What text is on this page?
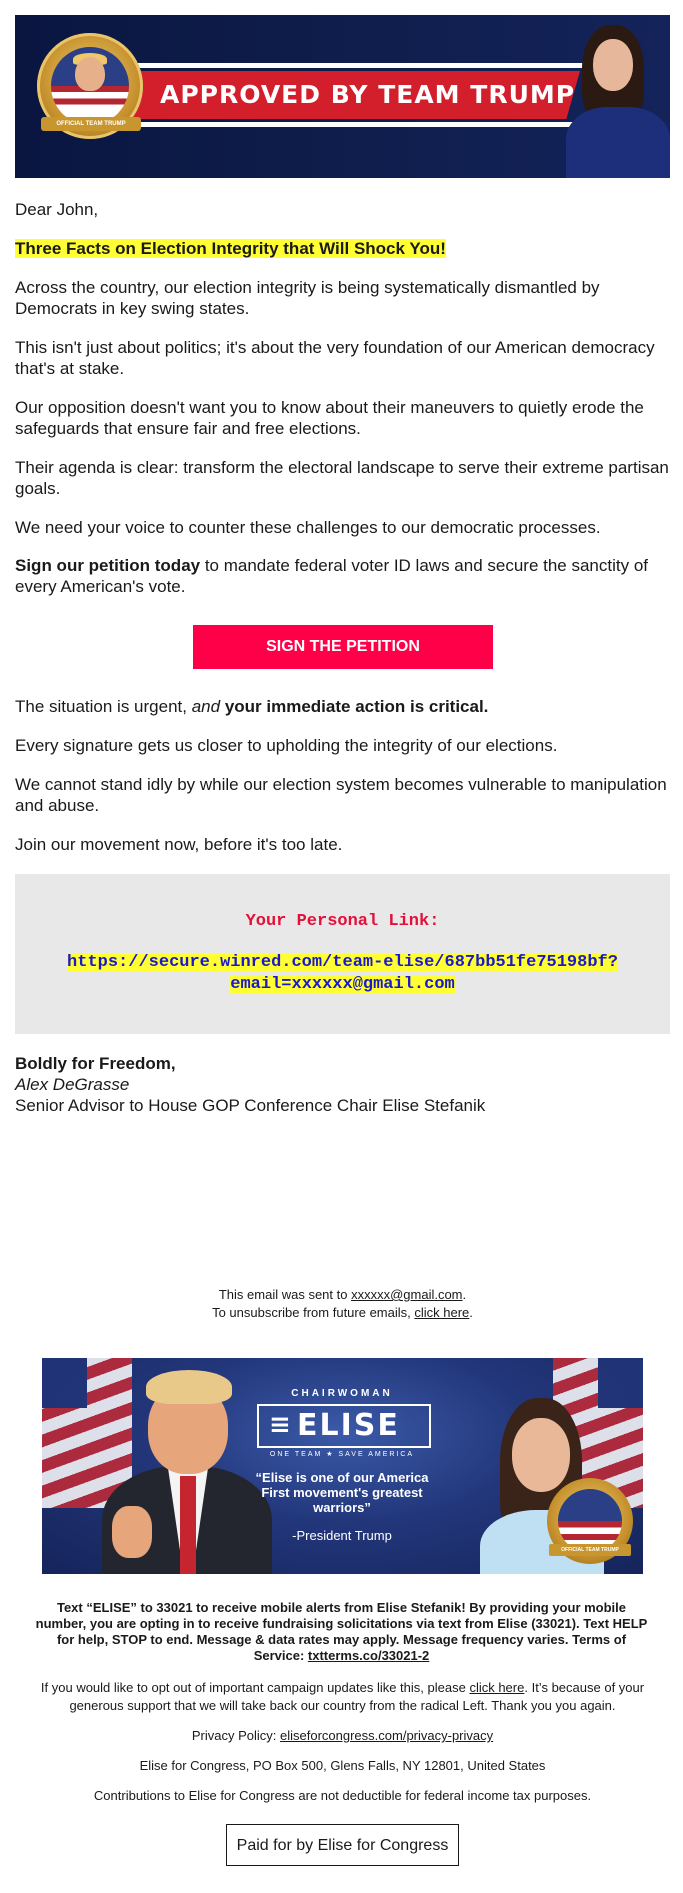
APPROVED BY TEAM TRUMP
OFFICIAL TEAM TRUMP

Dear John,

Three Facts on Election Integrity that Will Shock You!

Across the country, our election integrity is being systematically dismantled by Democrats in key swing states.

This isn't just about politics; it's about the very foundation of our American democracy that's at stake.

Our opposition doesn't want you to know about their maneuvers to quietly erode the safeguards that ensure fair and free elections.

Their agenda is clear: transform the electoral landscape to serve their extreme partisan goals.

We need your voice to counter these challenges to our democratic processes.

Sign our petition today to mandate federal voter ID laws and secure the sanctity of every American's vote.

SIGN THE PETITION

The situation is urgent, and your immediate action is critical.

Every signature gets us closer to upholding the integrity of our elections.

We cannot stand idly by while our election system becomes vulnerable to manipulation and abuse.

Join our movement now, before it's too late.

Your Personal Link:
https://secure.winred.com/team-elise/687bb51fe75198bf?
email=xxxxxx@gmail.com
Boldly for Freedom,
Alex DeGrasse
Senior Advisor to House GOP Conference Chair Elise Stefanik
This email was sent to xxxxxx@gmail.com.
To unsubscribe from future emails, click here.
CHAIRWOMAN
≡ ELISE
ONE TEAM ★ SAVE AMERICA
“Elise is one of our America First movement's greatest warriors”
-President Trump
OFFICIAL TEAM TRUMP
Text “ELISE” to 33021 to receive mobile alerts from Elise Stefanik! By providing your mobile number, you are opting in to receive fundraising solicitations via text from Elise (33021). Text HELP for help, STOP to end. Message & data rates may apply. Message frequency varies. Terms of Service: txtterms.co/33021-2
If you would like to opt out of important campaign updates like this, please click here. It’s because of your generous support that we will take back our country from the radical Left. Thank you you again.
Privacy Policy: eliseforcongress.com/privacy-privacy
Elise for Congress, PO Box 500, Glens Falls, NY 12801, United States
Contributions to Elise for Congress are not deductible for federal income tax purposes.
Paid for by Elise for Congress
